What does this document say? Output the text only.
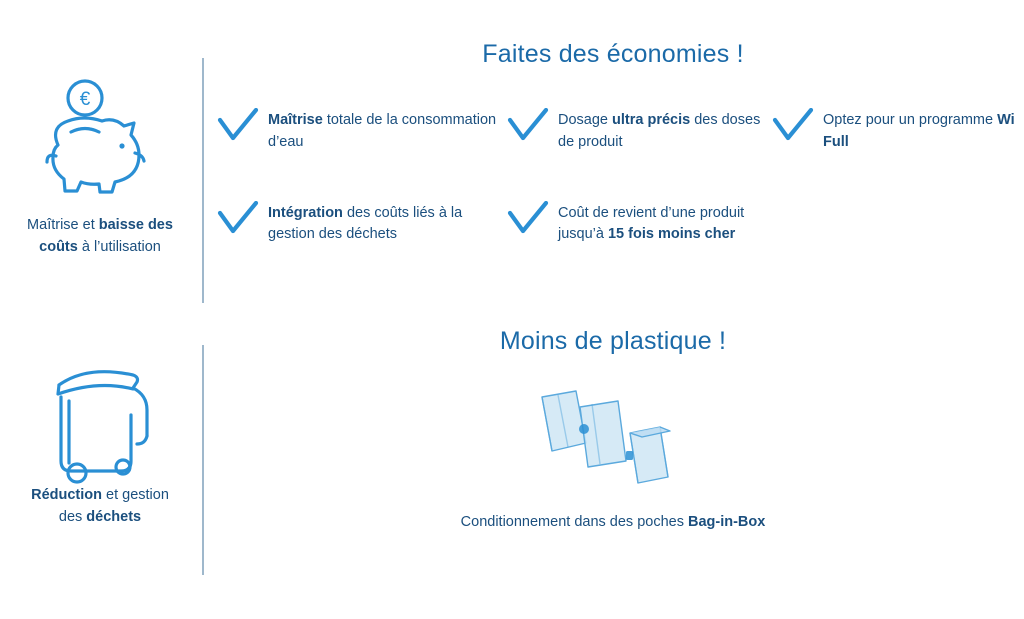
€
Maîtrise et baisse des coûts à l’utilisation
Réduction et gestion des déchets
Faites des économies !
Maîtrise totale de la consommation d’eau
Dosage ultra précis des doses de produit
Optez pour un programme Wi Full
Intégration des coûts liés à la gestion des déchets
Coût de revient d’une produit jusqu’à 15 fois moins cher
Moins de plastique !
Conditionnement dans des poches Bag-in-Box
